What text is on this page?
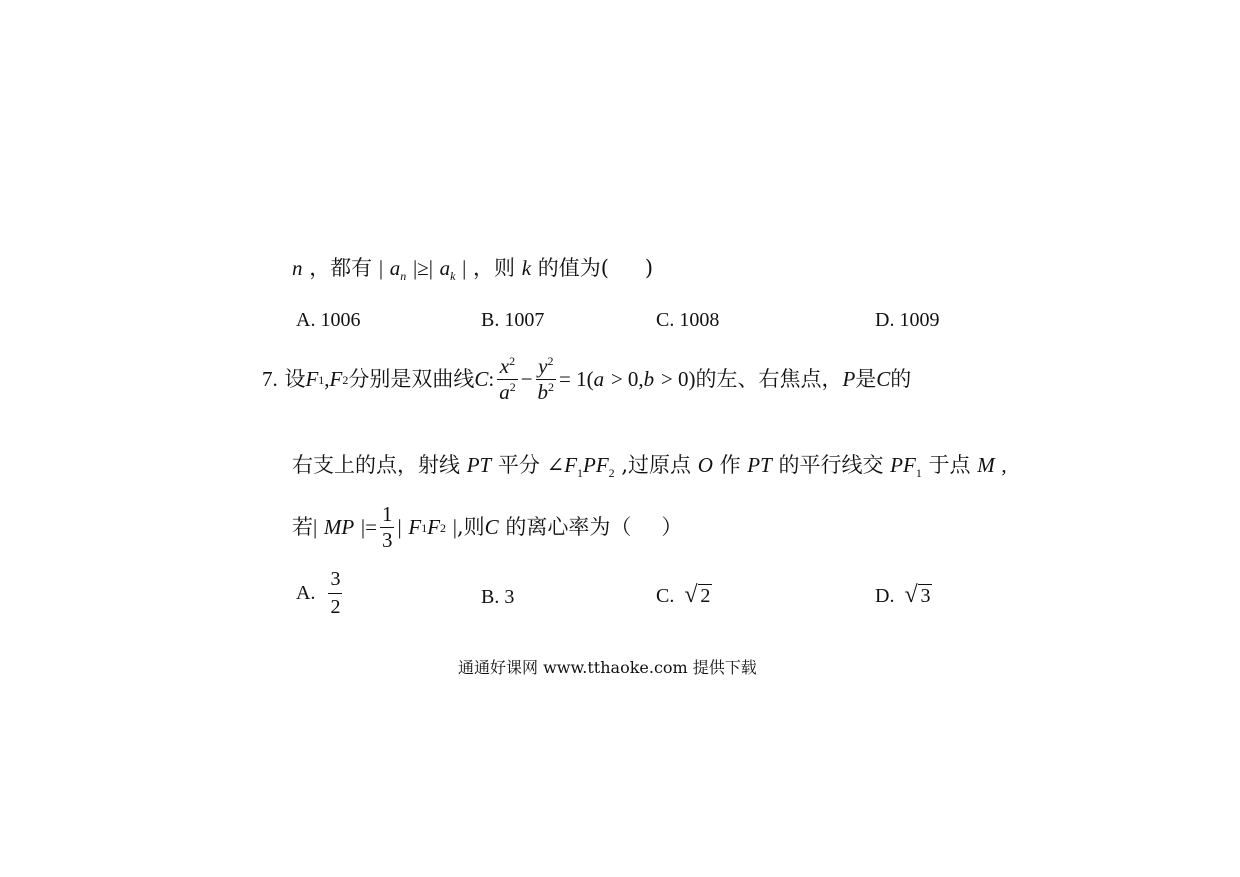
n ，都有 | $a_n$ |≥| $a_k$ | ，则 k 的值为( )
A. 1006	B. 1007	C. 1008	D. 1009
7.
设 F 1 , F 2 分别是双曲线 C : $\frac{x^2}{a^2} - \frac{y^2}{b^2} = 1$( a
> 0, b
> 0) 的左、右焦点， P 是 C 的
右支上的点，射线 PT 平分 $\angle F_1PF_2$ ,过原点 O 作 PT 的平行线交 $PF_1$ 于点 M ,
若 |
MP
|= $\frac{1}{3}$ |
F 1 F 2
| ,则 C
的离心率为（ ）
A.
$\frac{3}{2}$	B. 3	C. √ 2	D. √ 3
通通好课网 www.tthaoke.com 提供下载
